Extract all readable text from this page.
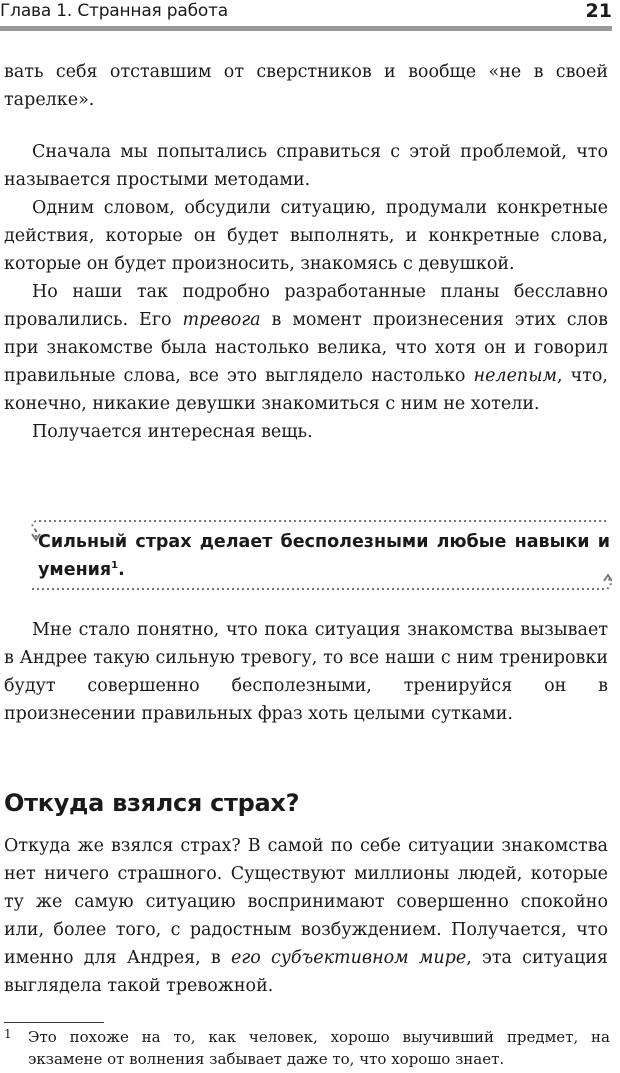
Глава 1. Странная работа	21

вать себя отставшим от сверстников и вообще «не в своей тарелке».

Сначала мы попытались справиться с этой проблемой, что называется простыми методами.

Одним словом, обсудили ситуацию, продумали конкретные действия, которые он будет выполнять, и конкретные слова, которые он будет произносить, знакомясь с девушкой.

Но наши так подробно разработанные планы бесславно провалились. Его тревога в момент произнесения этих слов при знакомстве была настолько велика, что хотя он и говорил правильные слова, все это выглядело настолько нелепым, что, конечно, никакие девушки знакомиться с ним не хотели.

Получается интересная вещь.

Сильный страх делает бесполезными любые навыки и умения$^1$.

Мне стало понятно, что пока ситуация знакомства вызывает в Андрее такую сильную тревогу, то все наши с ним тренировки будут совершенно бесполезными, тренируйся он в произнесении правильных фраз хоть целыми сутками.

Откуда взялся страх?

Откуда же взялся страх? В самой по себе ситуации знакомства нет ничего страшного. Существуют миллионы людей, которые ту же самую ситуацию воспринимают совершенно спокойно или, более того, с радостным возбуждением. Получается, что именно для Андрея, в его субъективном мире, эта ситуация выглядела такой тревожной.

1	Это похоже на то, как человек, хорошо выучивший предмет, на экзамене от волнения забывает даже то, что хорошо знает.
